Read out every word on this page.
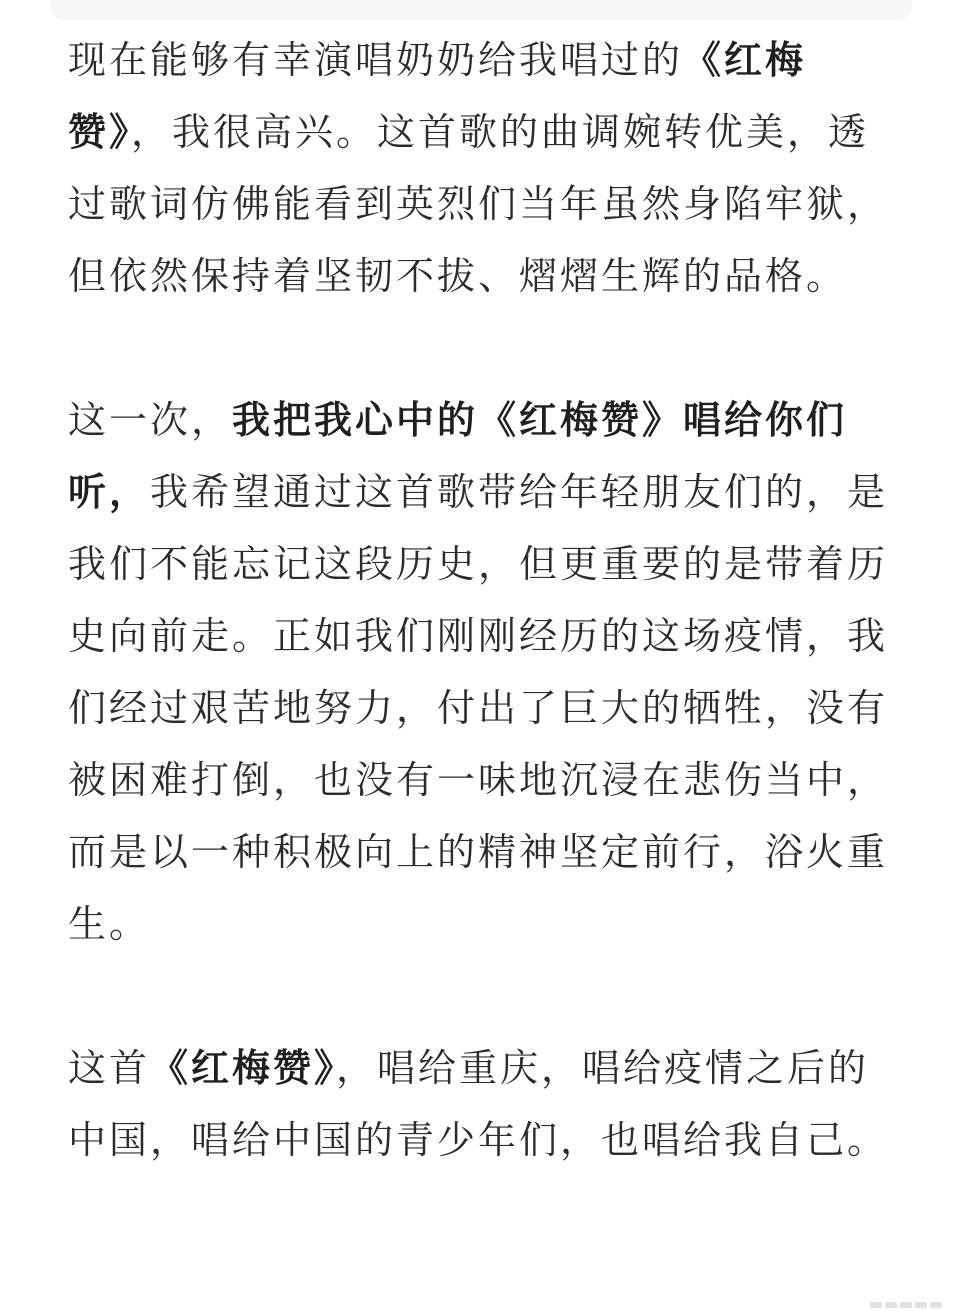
现在能够有幸演唱奶奶给我唱过的《红梅赞》，我很高兴。这首歌的曲调婉转优美，透过歌词仿佛能看到英烈们当年虽然身陷牢狱，但依然保持着坚韧不拔、熠熠生辉的品格。

这一次，我把我心中的《红梅赞》唱给你们听，我希望通过这首歌带给年轻朋友们的，是我们不能忘记这段历史，但更重要的是带着历史向前走。正如我们刚刚经历的这场疫情，我们经过艰苦地努力，付出了巨大的牺牲，没有被困难打倒，也没有一味地沉浸在悲伤当中，而是以一种积极向上的精神坚定前行，浴火重生。

这首《红梅赞》，唱给重庆，唱给疫情之后的中国，唱给中国的青少年们，也唱给我自己。
